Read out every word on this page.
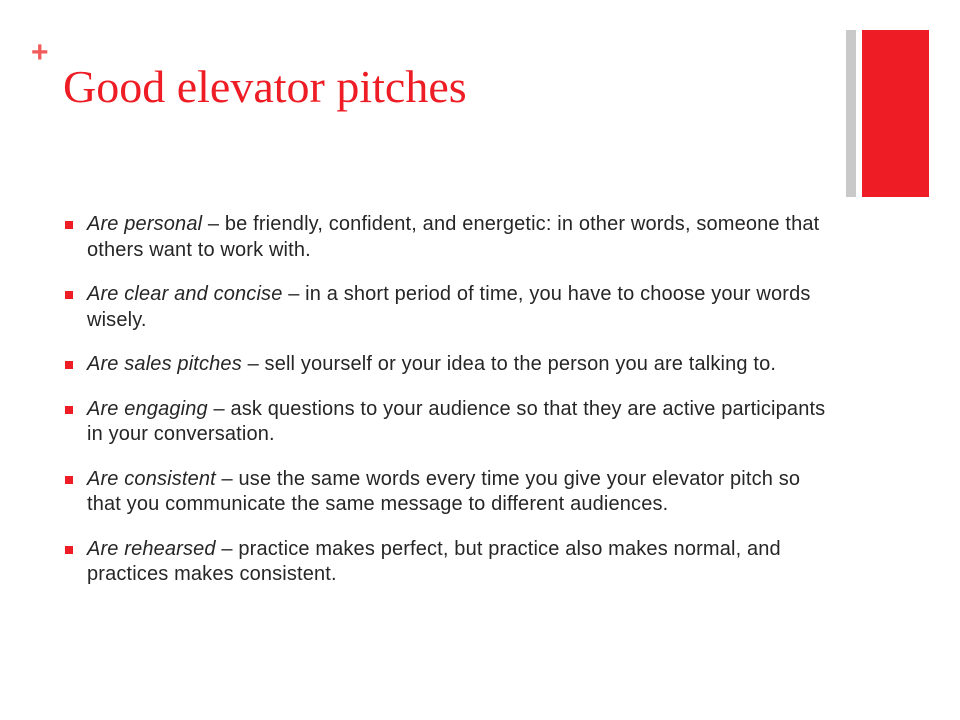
+
Good elevator pitches
Are personal – be friendly, confident, and energetic: in other words, someone that others want to work with.
Are clear and concise – in a short period of time, you have to choose your words wisely.
Are sales pitches – sell yourself or your idea to the person you are talking to.
Are engaging – ask questions to your audience so that they are active participants in your conversation.
Are consistent – use the same words every time you give your elevator pitch so that you communicate the same message to different audiences.
Are rehearsed – practice makes perfect, but practice also makes normal, and practices makes consistent.
